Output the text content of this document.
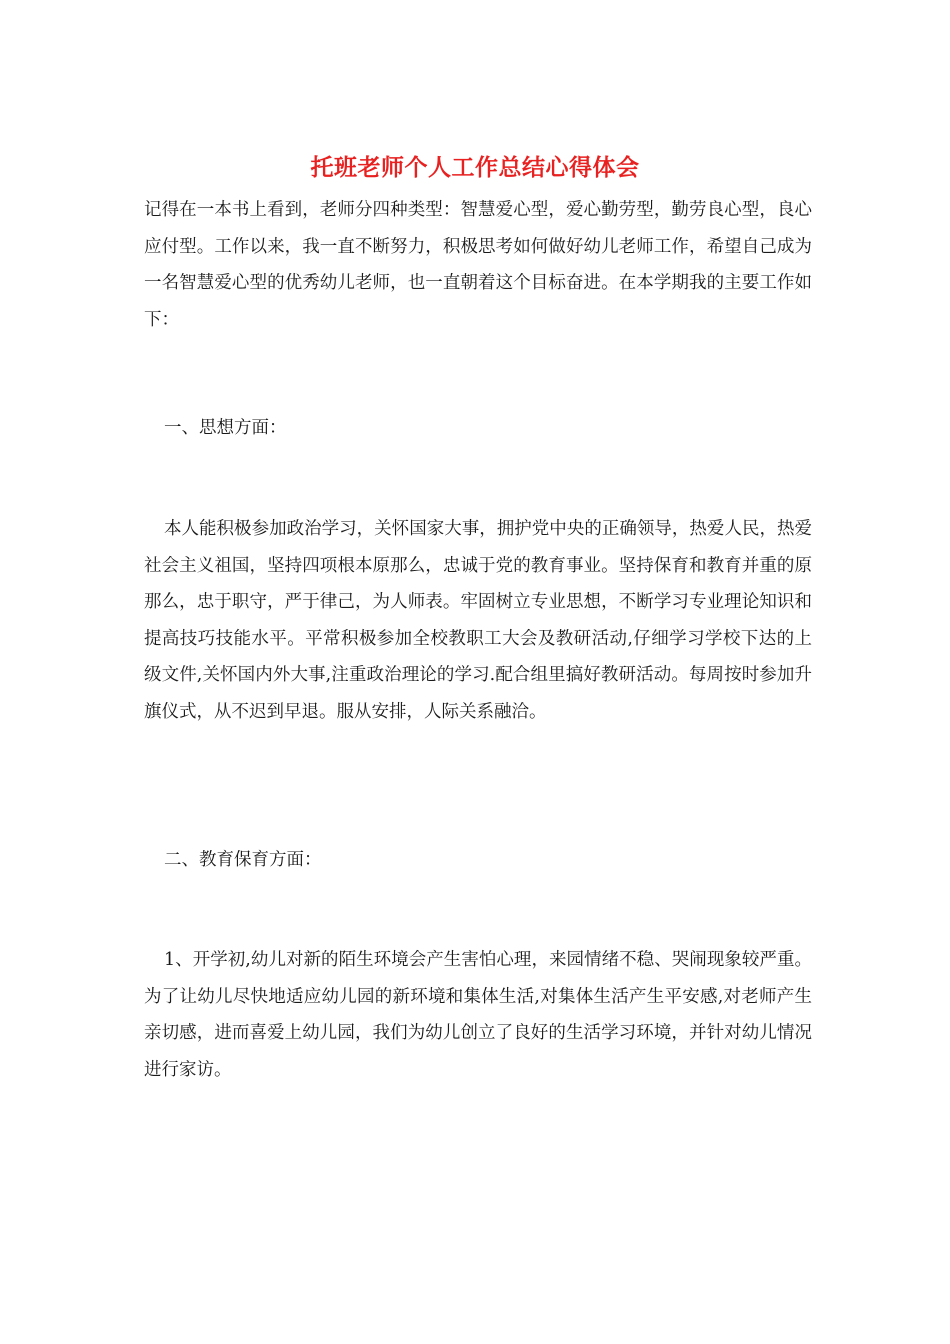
托班老师个人工作总结心得体会
记得在一本书上看到，老师分四种类型：智慧爱心型，爱心勤劳型，勤劳良心型，良心应付型。工作以来，我一直不断努力，积极思考如何做好幼儿老师工作，希望自己成为一名智慧爱心型的优秀幼儿老师，也一直朝着这个目标奋进。在本学期我的主要工作如下：
一、思想方面：
本人能积极参加政治学习，关怀国家大事，拥护党中央的正确领导，热爱人民，热爱社会主义祖国，坚持四项根本原那么，忠诚于党的教育事业。坚持保育和教育并重的原那么，忠于职守，严于律己，为人师表。牢固树立专业思想，不断学习专业理论知识和提高技巧技能水平。平常积极参加全校教职工大会及教研活动,仔细学习学校下达的上级文件,关怀国内外大事,注重政治理论的学习.配合组里搞好教研活动。每周按时参加升旗仪式，从不迟到早退。服从安排，人际关系融洽。
二、教育保育方面：
1、开学初,幼儿对新的陌生环境会产生害怕心理，来园情绪不稳、哭闹现象较严重。为了让幼儿尽快地适应幼儿园的新环境和集体生活,对集体生活产生平安感,对老师产生亲切感，进而喜爱上幼儿园，我们为幼儿创立了良好的生活学习环境，并针对幼儿情况进行家访。
